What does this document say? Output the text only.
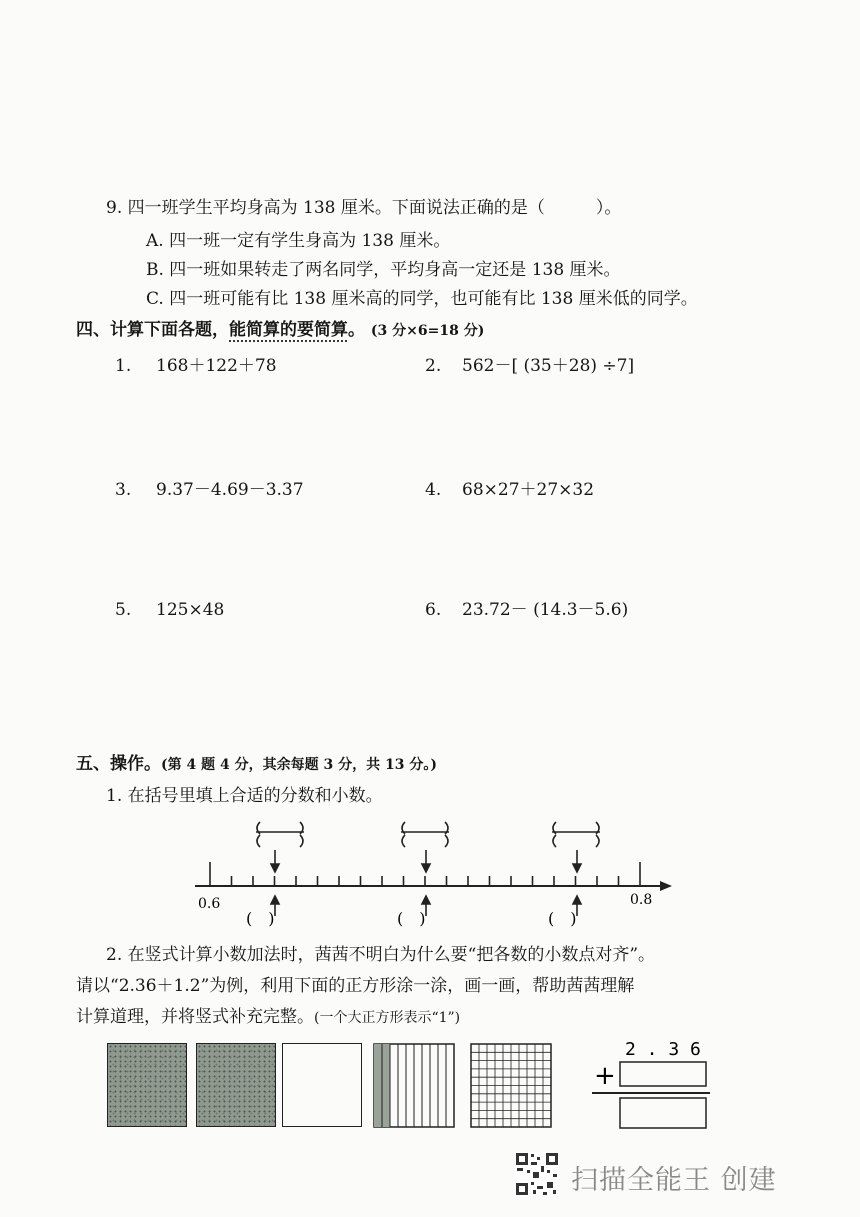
9. 四一班学生平均身高为 138 厘米。下面说法正确的是（　　　）。
A. 四一班一定有学生身高为 138 厘米。
B. 四一班如果转走了两名同学，平均身高一定还是 138 厘米。
C. 四一班可能有比 138 厘米高的同学，也可能有比 138 厘米低的同学。
四、计算下面各题，能简算的要简算。 (3 分×6=18 分)
1. 168＋122＋78	2. 562－[ (35＋28) ÷7]
3. 9.37－4.69－3.37	4. 68×27＋27×32
5. 125×48	6. 23.72－ (14.3－5.6)
五、操作。(第 4 题 4 分，其余每题 3 分，共 13 分。)
1. 在括号里填上合适的分数和小数。
0.6	0.8
(　)	(　)	(　)
2. 在竖式计算小数加法时，茜茜不明白为什么要“把各数的小数点对齐”。
请以“2.36＋1.2”为例，利用下面的正方形涂一涂，画一画，帮助茜茜理解
计算道理，并将竖式补充完整。(一个大正方形表示“1”)
2 . 3 6
+
扫描全能王 创建
